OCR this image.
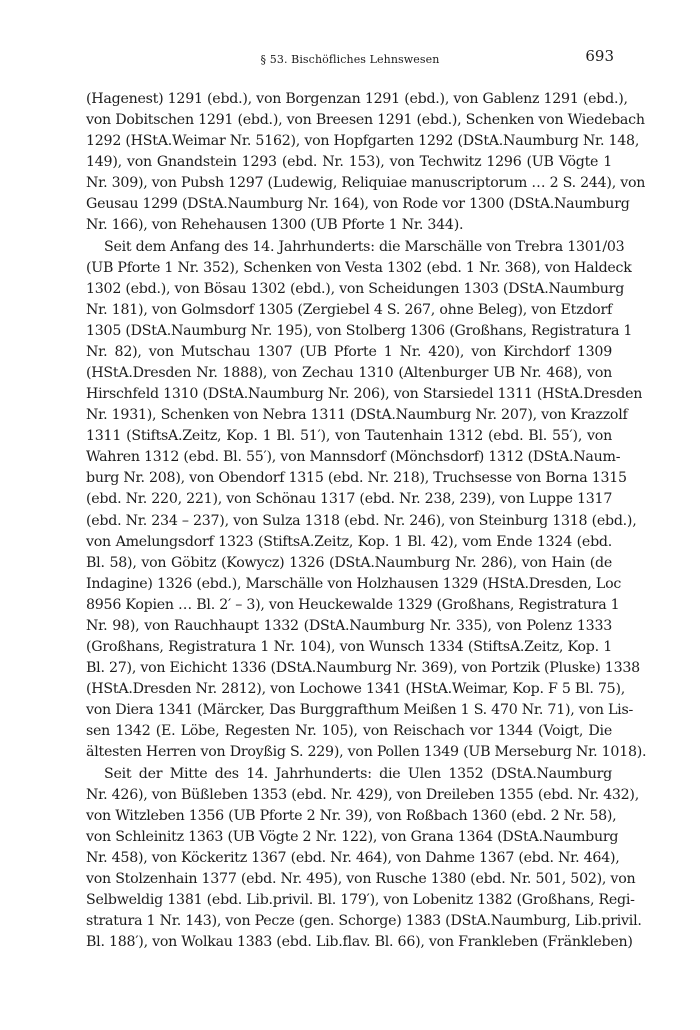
§ 53. Bischöfliches Lehnswesen	693
(Hagenest) 1291 (ebd.), von Borgenzan 1291 (ebd.), von Gablenz 1291 (ebd.),
von Dobitschen 1291 (ebd.), von Breesen 1291 (ebd.), Schenken von Wiedebach
1292 (HStA.Weimar Nr. 5162), von Hopfgarten 1292 (DStA.Naumburg Nr. 148,
149), von Gnandstein 1293 (ebd. Nr. 153), von Techwitz 1296 (UB Vögte 1
Nr. 309), von Pubsh 1297 (Ludewig, Reliquiae manuscriptorum … 2 S. 244), von
Geusau 1299 (DStA.Naumburg Nr. 164), von Rode vor 1300 (DStA.Naumburg
Nr. 166), von Rehehausen 1300 (UB Pforte 1 Nr. 344).
Seit dem Anfang des 14. Jahrhunderts: die Marschälle von Trebra 1301/03
(UB Pforte 1 Nr. 352), Schenken von Vesta 1302 (ebd. 1 Nr. 368), von Haldeck
1302 (ebd.), von Bösau 1302 (ebd.), von Scheidungen 1303 (DStA.Naumburg
Nr. 181), von Golmsdorf 1305 (Zergiebel 4 S. 267, ohne Beleg), von Etzdorf
1305 (DStA.Naumburg Nr. 195), von Stolberg 1306 (Großhans, Registratura 1
Nr. 82), von Mutschau 1307 (UB Pforte 1 Nr. 420), von Kirchdorf 1309
(HStA.Dresden Nr. 1888), von Zechau 1310 (Altenburger UB Nr. 468), von
Hirschfeld 1310 (DStA.Naumburg Nr. 206), von Starsiedel 1311 (HStA.Dresden
Nr. 1931), Schenken von Nebra 1311 (DStA.Naumburg Nr. 207), von Krazzolf
1311 (StiftsA.Zeitz, Kop. 1 Bl. 51′), von Tautenhain 1312 (ebd. Bl. 55′), von
Wahren 1312 (ebd. Bl. 55′), von Mannsdorf (Mönchsdorf) 1312 (DStA.Naum-
burg Nr. 208), von Obendorf 1315 (ebd. Nr. 218), Truchsesse von Borna 1315
(ebd. Nr. 220, 221), von Schönau 1317 (ebd. Nr. 238, 239), von Luppe 1317
(ebd. Nr. 234 – 237), von Sulza 1318 (ebd. Nr. 246), von Steinburg 1318 (ebd.),
von Amelungsdorf 1323 (StiftsA.Zeitz, Kop. 1 Bl. 42), vom Ende 1324 (ebd.
Bl. 58), von Göbitz (Kowycz) 1326 (DStA.Naumburg Nr. 286), von Hain (de
Indagine) 1326 (ebd.), Marschälle von Holzhausen 1329 (HStA.Dresden, Loc
8956 Kopien … Bl. 2′ – 3), von Heuckewalde 1329 (Großhans, Registratura 1
Nr. 98), von Rauchhaupt 1332 (DStA.Naumburg Nr. 335), von Polenz 1333
(Großhans, Registratura 1 Nr. 104), von Wunsch 1334 (StiftsA.Zeitz, Kop. 1
Bl. 27), von Eichicht 1336 (DStA.Naumburg Nr. 369), von Portzik (Pluske) 1338
(HStA.Dresden Nr. 2812), von Lochowe 1341 (HStA.Weimar, Kop. F 5 Bl. 75),
von Diera 1341 (Märcker, Das Burggrafthum Meißen 1 S. 470 Nr. 71), von Lis-
sen 1342 (E. Löbe, Regesten Nr. 105), von Reischach vor 1344 (Voigt, Die
ältesten Herren von Droyßig S. 229), von Pollen 1349 (UB Merseburg Nr. 1018).
Seit der Mitte des 14. Jahrhunderts: die Ulen 1352 (DStA.Naumburg
Nr. 426), von Büßleben 1353 (ebd. Nr. 429), von Dreileben 1355 (ebd. Nr. 432),
von Witzleben 1356 (UB Pforte 2 Nr. 39), von Roßbach 1360 (ebd. 2 Nr. 58),
von Schleinitz 1363 (UB Vögte 2 Nr. 122), von Grana 1364 (DStA.Naumburg
Nr. 458), von Köckeritz 1367 (ebd. Nr. 464), von Dahme 1367 (ebd. Nr. 464),
von Stolzenhain 1377 (ebd. Nr. 495), von Rusche 1380 (ebd. Nr. 501, 502), von
Selbweldig 1381 (ebd. Lib.privil. Bl. 179′), von Lobenitz 1382 (Großhans, Regi-
stratura 1 Nr. 143), von Pecze (gen. Schorge) 1383 (DStA.Naumburg, Lib.privil.
Bl. 188′), von Wolkau 1383 (ebd. Lib.flav. Bl. 66), von Frankleben (Fränkleben)
